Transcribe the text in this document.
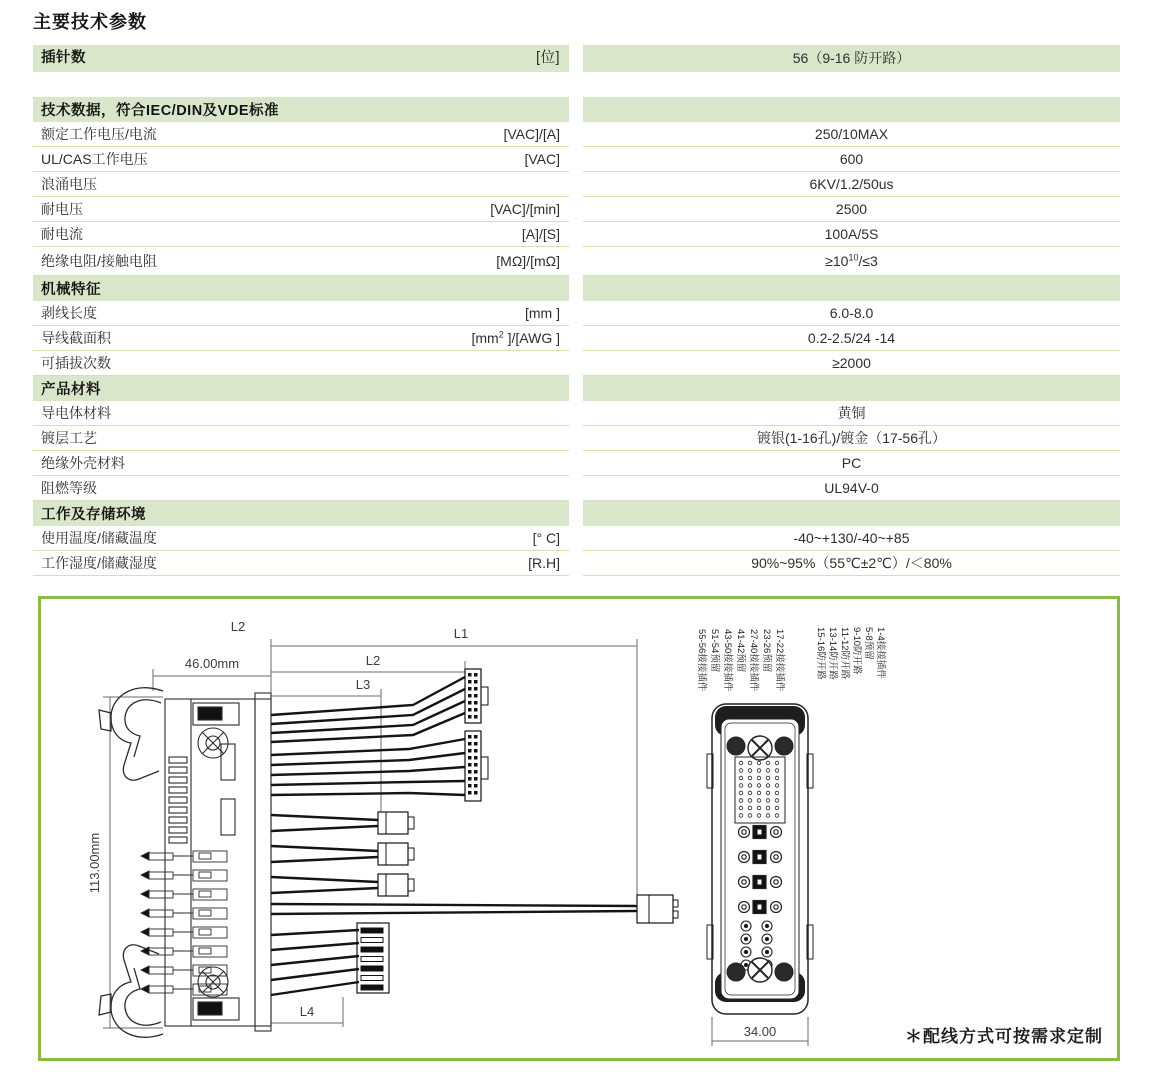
主要技术参数
插针数	[位]	56（9-16 防开路）
技术数据，符合IEC/DIN及VDE标准
额定工作电压/电流	[VAC]/[A]	250/10MAX
UL/CAS工作电压	[VAC]	600
浪涌电压	6KV/1.2/50us
耐电压	[VAC]/[min]	2500
耐电流	[A]/[S]	100A/5S
绝缘电阻/接触电阻	[MΩ]/[mΩ]	$\ge 10^{10}/\le 3$
机械特征
剥线长度	[mm ]	6.0-8.0
导线截面积	[$mm^2$ ]/[AWG ]	0.2-2.5/24 -14
可插拔次数	≥2000
产品材料
导电体材料	黄铜
镀层工艺	镀银(1-16孔)/镀金（17-56孔）
绝缘外壳材料	PC
阻燃等级	UL94V-0
工作及存储环境
使用温度/储藏温度	[° C]	-40~+130/-40~+85
工作湿度/储藏湿度	[R.H]	90%~95%（55℃±2℃）/＜80%
L2	L1
L2
46.00mm
L3
113.00mm
L4
55-56接接插件 51-54预留 43-50接接插件 41-42预留 27-40接接插件 23-26预留 17-22接接插件	15-16防开路 13-14防开路 11-12防开路 9-10防开路 5-8预留 1-4接接插件
34.00	＊配线方式可按需求定制
